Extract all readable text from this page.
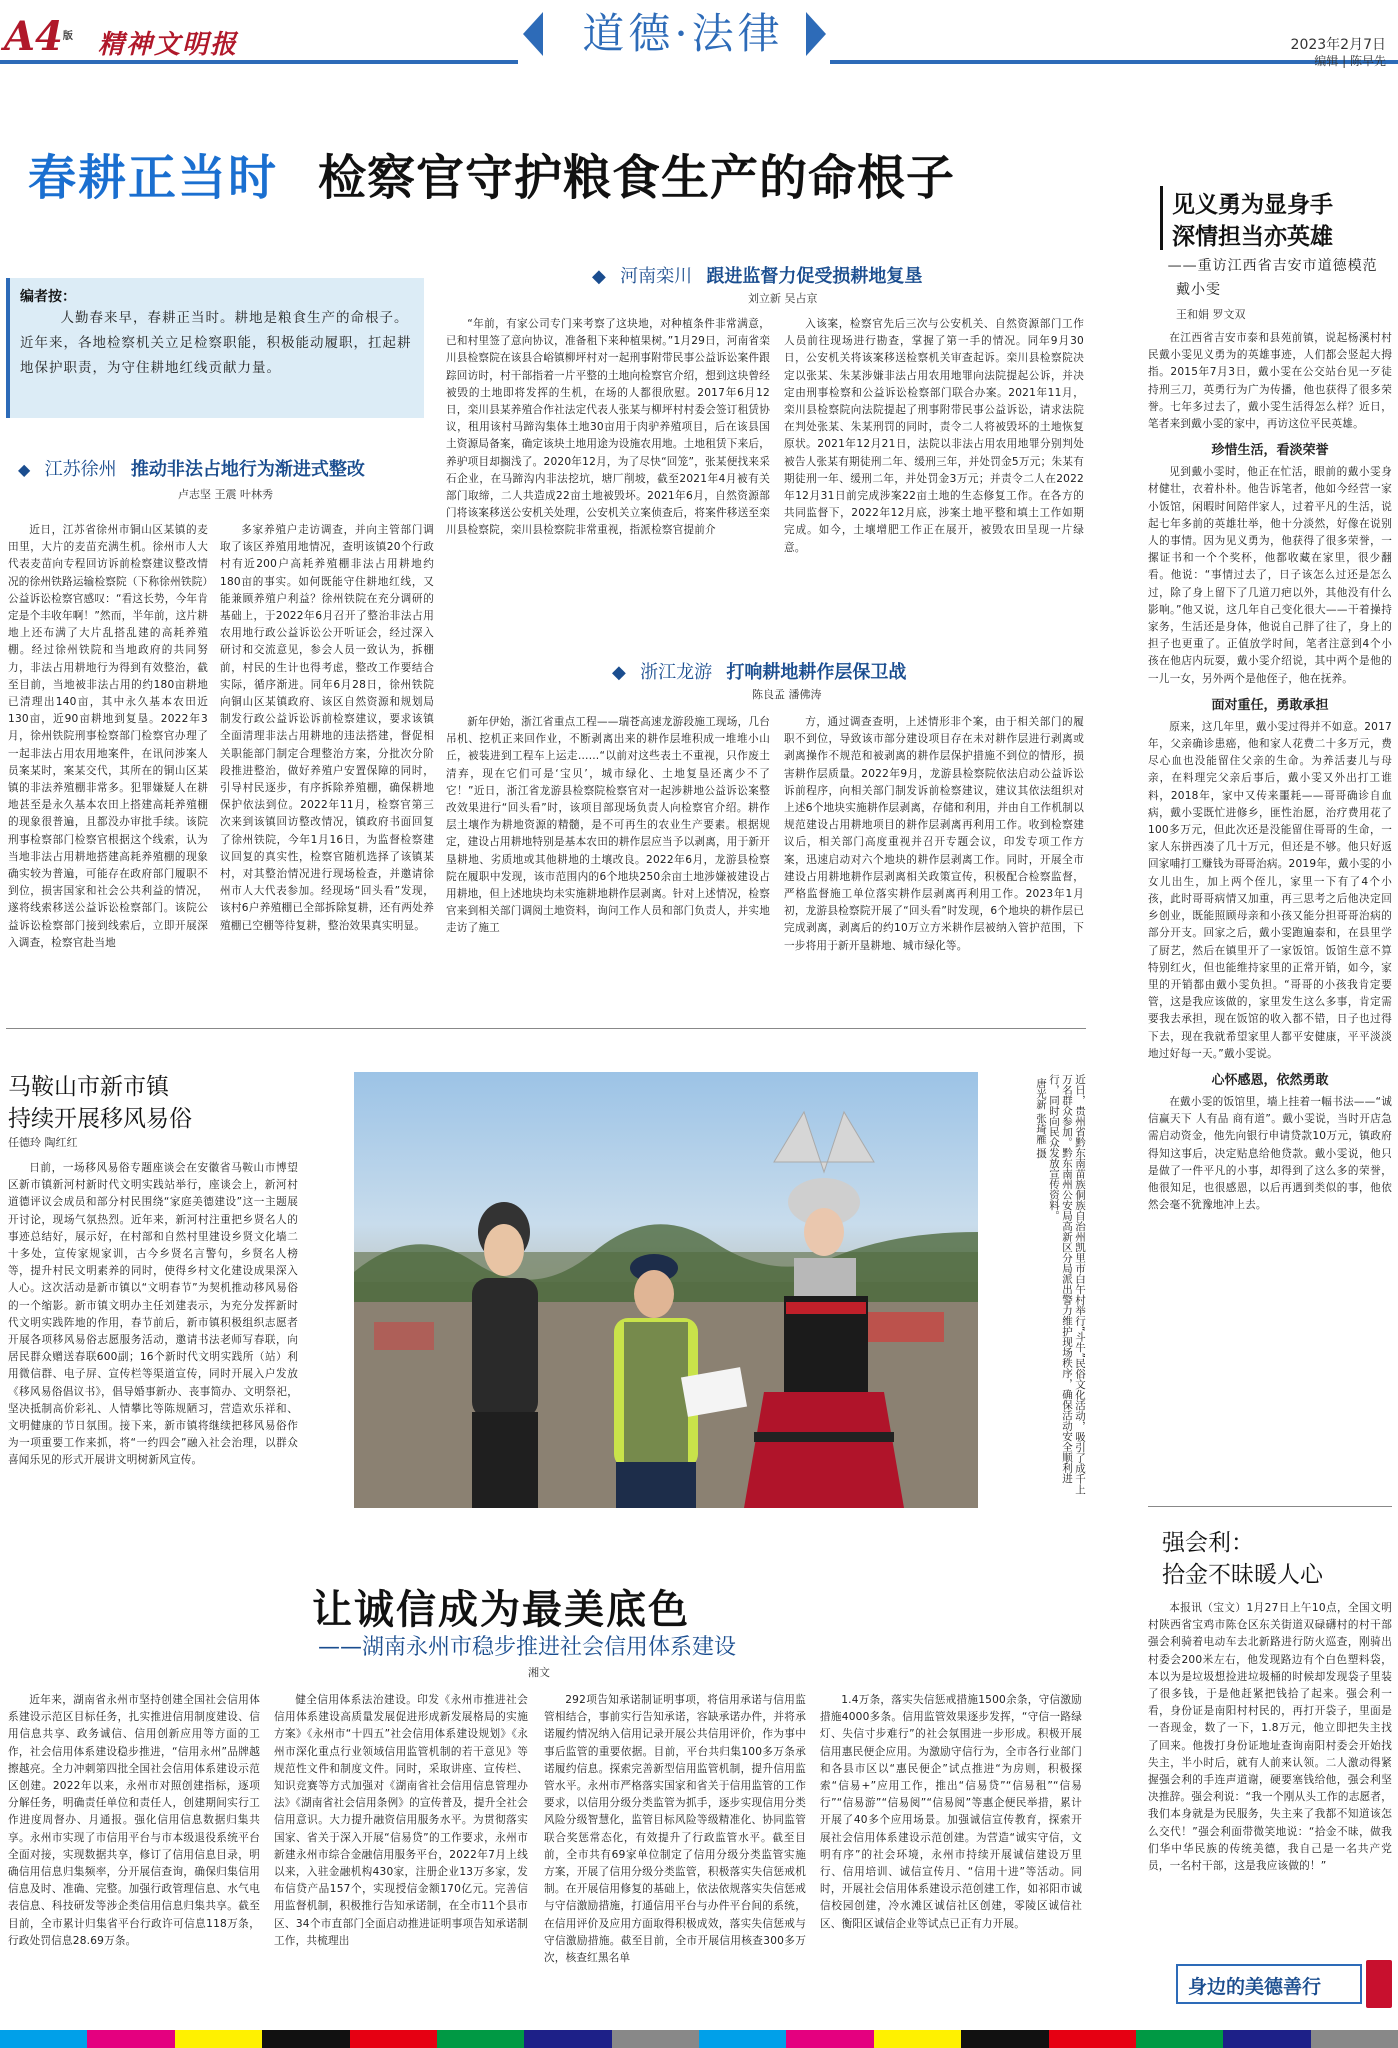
A4版 精神文明报	道德·法律	2023年2月7日
编辑 | 陈早先
春耕正当时 检察官守护粮食生产的命根子
编者按：
人勤春来早，春耕正当时。耕地是粮食生产的命根子。近年来，各地检察机关立足检察职能，积极能动履职，扛起耕地保护职责，为守住耕地红线贡献力量。
◆ 江苏徐州 推动非法占地行为渐进式整改
卢志坚 王震 叶林秀

近日，江苏省徐州市铜山区某镇的麦田里，大片的麦苗充满生机。徐州市人大代表麦苗向专程回访诉前检察建议整改情况的徐州铁路运输检察院（下称徐州铁院）公益诉讼检察官感叹：“看这长势，今年肯定是个丰收年啊！”然而，半年前，这片耕地上还布满了大片乱搭乱建的高耗养殖棚。经过徐州铁院和当地政府的共同努力，非法占用耕地行为得到有效整治，截至目前，当地被非法占用的约180亩耕地已清理出140亩，其中永久基本农田近130亩，近90亩耕地到复垦。2022年3月，徐州铁院刑事检察部门检察官办理了一起非法占用农用地案件，在讯问涉案人员案某时，案某交代，其所在的铜山区某镇的非法养殖棚非常多。犯罪嫌疑人在耕地甚至是永久基本农田上搭建高耗养殖棚的现象很普遍，且都没办审批手续。该院刑事检察部门检察官根据这个线索，认为当地非法占用耕地搭建高耗养殖棚的现象确实较为普遍，可能存在政府部门履职不到位，损害国家和社会公共利益的情况，遂将线索移送公益诉讼检察部门。该院公益诉讼检察部门接到线索后，立即开展深入调查，检察官赴当地

多家养殖户走访调查，并向主管部门调取了该区养殖用地情况，查明该镇20个行政村有近200户高耗养殖棚非法占用耕地约180亩的事实。如何既能守住耕地红线，又能兼顾养殖户利益？徐州铁院在充分调研的基础上，于2022年6月召开了整治非法占用农用地行政公益诉讼公开听证会，经过深入研讨和交流意见，参会人员一致认为，拆棚前，村民的生计也得考虑，整改工作要结合实际，循序渐进。同年6月28日，徐州铁院向铜山区某镇政府、该区自然资源和规划局制发行政公益诉讼诉前检察建议，要求该镇全面清理非法占用耕地的违法搭建，督促相关职能部门制定合理整治方案，分批次分阶段推进整治，做好养殖户安置保障的同时，引导村民逐步，有序拆除养殖棚，确保耕地保护依法到位。2022年11月，检察官第三次来到该镇回访整改情况，镇政府书面回复了徐州铁院，今年1月16日，为监督检察建议回复的真实性，检察官随机选择了该镇某村，对其整治情况进行现场检查，并邀请徐州市人大代表参加。经现场“回头看”发现，该村6户养殖棚已全部拆除复耕，还有两处养殖棚已空棚等待复耕，整治效果真实明显。

◆ 河南栾川 跟进监督力促受损耕地复垦
刘立新 吴占京

“年前，有家公司专门来考察了这块地，对种植条件非常满意，已和村里签了意向协议，准备租下来种植果树。”1月29日，河南省栾川县检察院在该县合峪镇柳坪村对一起刑事附带民事公益诉讼案件跟踪回访时，村干部指着一片平整的土地向检察官介绍，想到这块曾经被毁的土地即将发挥的生机，在场的人都很欣慰。2017年6月12日，栾川县某养殖合作社法定代表人张某与柳坪村村委会签订租赁协议，租用该村马蹄沟集体土地30亩用于肉驴养殖项目，后在该县国土资源局备案，确定该块土地用途为设施农用地。土地租赁下来后，养驴项目却搁浅了。2020年12月，为了尽快“回笼”，张某便找来采石企业，在马蹄沟内非法挖坑，塘厂削坡，截至2021年4月被有关部门取缔，二人共造成22亩土地被毁坏。2021年6月，自然资源部门将该案移送公安机关处理，公安机关立案侦查后，将案件移送至栾川县检察院，栾川县检察院非常重视，指派检察官提前介

入该案，检察官先后三次与公安机关、自然资源部门工作人员前往现场进行勘查，掌握了第一手的情况。同年9月30日，公安机关将该案移送检察机关审查起诉。栾川县检察院决定以张某、朱某涉嫌非法占用农用地罪向法院提起公诉，并决定由刑事检察和公益诉讼检察部门联合办案。2021年11月，栾川县检察院向法院提起了刑事附带民事公益诉讼，请求法院在判处张某、朱某刑罚的同时，责令二人将被毁坏的土地恢复原状。2021年12月21日，法院以非法占用农用地罪分别判处被告人张某有期徒刑二年、缓刑三年，并处罚金5万元；朱某有期徒刑一年、缓刑二年，并处罚金3万元；并责令二人在2022年12月31日前完成涉案22亩土地的生态修复工作。在各方的共同监督下，2022年12月底，涉案土地平整和填土工作如期完成。如今，土壤增肥工作正在展开，被毁农田呈现一片绿意。

◆ 浙江龙游 打响耕地耕作层保卫战
陈良孟 潘佛涛

新年伊始，浙江省重点工程——瑞苍高速龙游段施工现场，几台吊机、挖机正来回作业，不断剥离出来的耕作层堆积成一堆堆小山丘，被装进到工程车上运走……“以前对这些表土不重视，只作废土清弃，现在它们可是‘宝贝’，城市绿化、土地复垦还离少不了它！”近日，浙江省龙游县检察院检察官对一起涉耕地公益诉讼案整改效果进行“回头看”时，该项目部现场负责人向检察官介绍。耕作层土壤作为耕地资源的精髓，是不可再生的农业生产要素。根据规定，建设占用耕地特别是基本农田的耕作层应当予以剥离，用于新开垦耕地、劣质地或其他耕地的土壤改良。2022年6月，龙游县检察院在履职中发现，该市范围内的6个地块250余亩土地涉嫌被建设占用耕地，但上述地块均未实施耕地耕作层剥离。针对上述情况，检察官来到相关部门调阅土地资料，询问工作人员和部门负责人，并实地走访了施工

方，通过调查查明，上述情形非个案，由于相关部门的履职不到位，导致该市部分建设项目存在未对耕作层进行剥离或剥离操作不规范和被剥离的耕作层保护措施不到位的情形，损害耕作层质量。2022年9月，龙游县检察院依法启动公益诉讼诉前程序，向相关部门制发诉前检察建议，建议其依法组织对上述6个地块实施耕作层剥离，存储和利用，并由自工作机制以规范建设占用耕地项目的耕作层剥离再利用工作。收到检察建议后，相关部门高度重视并召开专题会议，印发专项工作方案，迅速启动对六个地块的耕作层剥离工作。同时，开展全市建设占用耕地耕作层剥离相关政策宣传，积极配合检察监督，严格监督施工单位落实耕作层剥离再利用工作。2023年1月初，龙游县检察院开展了“回头看”时发现，6个地块的耕作层已完成剥离，剥离后的约10万立方米耕作层被纳入管护范围，下一步将用于新开垦耕地、城市绿化等。

马鞍山市新市镇
持续开展移风易俗
任德玲 陶红红

日前，一场移风易俗专题座谈会在安徽省马鞍山市博望区新市镇新河村新时代文明实践站举行，座谈会上，新河村道德评议会成员和部分村民围绕“家庭美德建设”这一主题展开讨论，现场气氛热烈。近年来，新河村注重把乡贤名人的事迹总结好，展示好，在村部和自然村里建设乡贤文化墙二十多处，宣传家规家训，古今乡贤名言警句，乡贤名人榜等，提升村民文明素养的同时，使得乡村文化建设成果深入人心。这次活动是新市镇以“文明春节”为契机推动移风易俗的一个缩影。新市镇文明办主任刘建表示，为充分发挥新时代文明实践阵地的作用，春节前后，新市镇积极组织志愿者开展各项移风易俗志愿服务活动，邀请书法老师写春联，向居民群众赠送春联600副；16个新时代文明实践所（站）利用微信群、电子屏、宣传栏等渠道宣传，同时开展入户发放《移风易俗倡议书》，倡导婚事新办、丧事简办、文明祭祀，坚决抵制高价彩礼、人情攀比等陈规陋习，营造欢乐祥和、文明健康的节日氛围。接下来，新市镇将继续把移风易俗作为一项重要工作来抓，将“一约四会”融入社会治理，以群众喜闻乐见的形式开展讲文明树新风宣传。	近日，贵州省黔东南苗族侗族自治州凯里市白午村举行“斗牛”民俗文化活动，吸引了成千上万名群众参加。黔东南州公安局高新区分局派出警力维护现场秩序，确保活动安全顺利进行，同时向民众发放宣传资料。
唐光新 张琦雁 摄
让诚信成为最美底色
——湖南永州市稳步推进社会信用体系建设
湘文

近年来，湖南省永州市坚持创建全国社会信用体系建设示范区目标任务，扎实推进信用制度建设、信用信息共享、政务诚信、信用创新应用等方面的工作，社会信用体系建设稳步推进，“信用永州”品牌越擦越亮。全力冲刺第四批全国社会信用体系建设示范区创建。2022年以来，永州市对照创建指标，逐项分解任务，明确责任单位和责任人，创建期间实行工作进度周督办、月通报。强化信用信息数据归集共享。永州市实现了市信用平台与市本级退役系统平台全面对接，实现数据共享，修订了信用信息目录，明确信用信息归集频率，分开展信查询，确保归集信用信息及时、准确、完整。加强行政管理信息、水气电表信息、科技研发等涉企类信用信息归集共享。截至目前，全市累计归集省平台行政许可信息118万条，行政处罚信息28.69万条。

健全信用体系法治建设。印发《永州市推进社会信用体系建设高质量发展促进形成新发展格局的实施方案》《永州市“十四五”社会信用体系建设规划》《永州市深化重点行业领域信用监管机制的若干意见》等规范性文件和制度文件。同时，采取讲座、宣传栏、知识竞赛等方式加强对《湖南省社会信用信息管理办法》《湖南省社会信用条例》的宣传普及，提升全社会信用意识。大力提升融资信用服务水平。为贯彻落实国家、省关于深入开展“信易贷”的工作要求，永州市新建永州市综合金融信用服务平台，2022年7月上线以来，入驻金融机构430家，注册企业13万多家，发布信贷产品157个，实现授信金额170亿元。完善信用监督机制，积极推行告知承诺制，在全市11个县市区、34个市直部门全面启动推进证明事项告知承诺制工作，共梳理出

292项告知承诺制证明事项，将信用承诺与信用监管相结合，事前实行告知承诺，容缺承诺办件，并将承诺履约情况纳入信用记录开展公共信用评价，作为事中事后监管的重要依据。目前，平台共归集100多万条承诺履约信息。探索完善新型信用监管机制，提升信用监管水平。永州市严格落实国家和省关于信用监管的工作要求，以信用分级分类监管为抓手，逐步实现信用分类风险分级智慧化，监管目标风险等级精准化、协同监管联合奖惩常态化，有效提升了行政监管水平。截至目前，全市共有69家单位制定了信用分级分类监管实施方案，开展了信用分级分类监管，积极落实失信惩戒机制。在开展信用修复的基础上，依法依规落实失信惩戒与守信激励措施，打通信用平台与办件平台间的系统，在信用评价及应用方面取得积极成效，落实失信惩戒与守信激励措施。截至目前，全市开展信用核查300多万次，核查红黑名单

1.4万条，落实失信惩戒措施1500余条，守信激励措施4000多条。信用监管效果逐步发挥，“守信一路绿灯、失信寸步难行”的社会氛围进一步形成。积极开展信用惠民便企应用。为激励守信行为，全市各行业部门和各县市区以“惠民便企”试点推进“为房则，积极探索“信易+”应用工作，推出“信易贷”“信易租”“信易行”“信易游”“信易阅”“信易阅”等惠企便民举措，累计开展了40多个应用场景。加强诚信宣传教育，探索开展社会信用体系建设示范创建。为营造“诚实守信，文明有序”的社会环境，永州市持续开展诚信建设万里行、信用培训、诚信宣传月、“信用十进”等活动。同时，开展社会信用体系建设示范创建工作，如祁阳市诚信校园创建，冷水滩区诚信社区创建，零陵区诚信社区、衡阳区诚信企业等试点已正有力开展。

见义勇为显身手
深情担当亦英雄
——重访江西省吉安市道德模范戴小雯
王和娟 罗文双

在江西省吉安市泰和县苑前镇，说起杨溪村村民戴小雯见义勇为的英雄事迹，人们都会竖起大拇指。2015年7月3日，戴小雯在公交站台见一歹徒持刑三刀，英勇行为广为传播，他也获得了很多荣誉。七年多过去了，戴小雯生活得怎么样？近日，笔者来到戴小雯的家中，再访这位平民英雄。

珍惜生活，看淡荣誉

见到戴小雯时，他正在忙活，眼前的戴小雯身材健壮，衣着朴朴。他告诉笔者，他如今经营一家小饭馆，闲暇时间陪伴家人，过着平凡的生活，说起七年多前的英雄壮举，他十分淡然，好像在说别人的事情。因为见义勇为，他获得了很多荣誉，一摞证书和一个个奖杯，他都收藏在家里，很少翻看。他说：“事情过去了，日子该怎么过还是怎么过，除了身上留下了几道刀疤以外，其他没有什么影响。”他又说，这几年自己变化很大——干着操持家务，生活还是身体，他说自己胖了往了，身上的担子也更重了。正值放学时间，笔者注意到4个小孩在他店内玩耍，戴小雯介绍说，其中两个是他的一儿一女，另外两个是他侄子，他在抚养。

面对重任，勇敢承担

原来，这几年里，戴小雯过得并不如意。2017年，父亲确诊患癌，他和家人花费二十多万元，费尽心血也没能留住父亲的生命。为养活妻儿与母亲，在料理完父亲后事后，戴小雯又外出打工谁料，2018年，家中又传来噩耗——哥哥确诊自血病，戴小雯既忙进修乡，匪性治愿，治疗费用花了100多万元，但此次还是没能留住哥哥的生命，一家人东拼西凑了几十万元，但还是不够。他只好返回家哺打工赚钱为哥哥治病。2019年，戴小雯的小女儿出生，加上两个侄儿，家里一下有了4个小孩，此时哥哥病情又加重，再三思考之后他决定回乡创业，既能照顾母亲和小孩又能分担哥哥治病的部分开支。回家之后，戴小雯跑遍泰和，在县里学了厨艺，然后在镇里开了一家饭馆。饭馆生意不算特别红火，但也能维持家里的正常开销，如今，家里的开销都由戴小雯负担。“哥哥的小孩我肯定要管，这是我应该做的，家里发生这么多事，肯定需要我去承担，现在饭馆的收入都不错，日子也过得下去，现在我就希望家里人都平安健康，平平淡淡地过好每一天。”戴小雯说。

心怀感恩，依然勇敢

在戴小雯的饭馆里，墙上挂着一幅书法——“诚信赢天下 人有品 商有道”。戴小雯说，当时开店急需启动资金，他先向银行申请贷款10万元，镇政府得知这事后，决定贴息给他贷款。戴小雯说，他只是做了一件平凡的小事，却得到了这么多的荣誉，他很知足，也很感恩，以后再遇到类似的事，他依然会毫不犹豫地冲上去。

强会利：
拾金不昧暖人心

本报讯（宝文）1月27日上午10点，全国文明村陕西省宝鸡市陈仓区东关街道双碌礴村的村干部强会利骑着电动车去北新路进行防火巡查，刚骑出村委会200米左右，他发现路边有个白色塑料袋，本以为是垃圾想捡进垃圾桶的时候却发现袋子里装了很多钱，于是他赶紧把钱拾了起来。强会利一看，身份证是南阳村村民的，再打开袋子，里面是一沓现金，数了一下，1.8万元，他立即把失主找了回来。他拨打身份证地址查询南阳村委会开始找失主，半小时后，就有人前来认领。二人激动得紧握强会利的手连声道谢，硬要塞钱给他，强会利坚决推辞。强会利说：“我一个刚从头工作的志愿者，我们本身就是为民服务，失主来了我都不知道该怎么交代！”强会利面带微笑地说：“拾金不昧，做我们华中华民族的传统美德，我自己是一名共产党员，一名村干部，这是我应该做的！”

身边的美德善行
